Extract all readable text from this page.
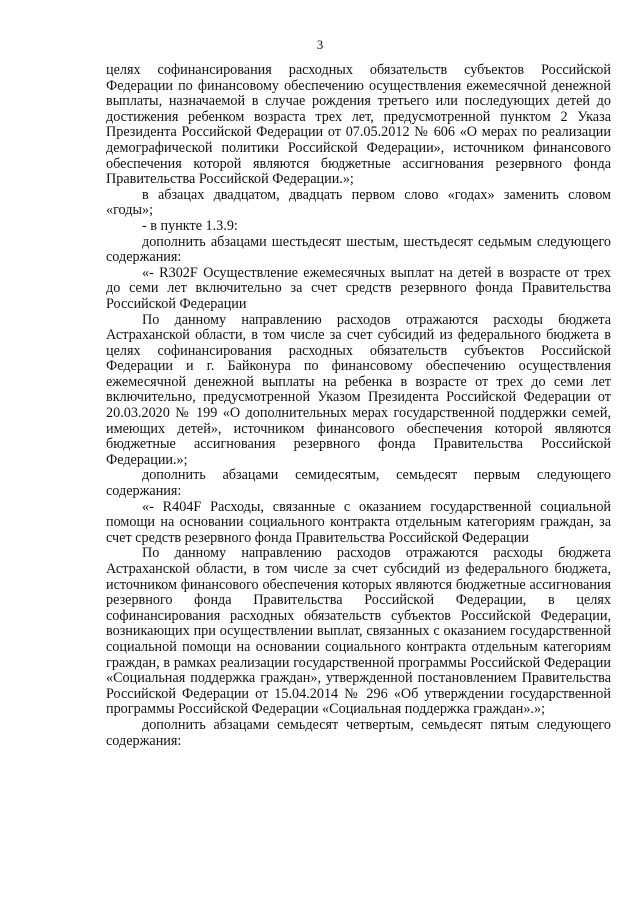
3

целях софинансирования расходных обязательств субъектов Российской Федерации по финансовому обеспечению осуществления ежемесячной денежной выплаты, назначаемой в случае рождения третьего или последующих детей до достижения ребенком возраста трех лет, предусмотренной пунктом 2 Указа Президента Российской Федерации от 07.05.2012 № 606 «О мерах по реализации демографической политики Российской Федерации», источником финансового обеспечения которой являются бюджетные ассигнования резервного фонда Правительства Российской Федерации.»;

в абзацах двадцатом, двадцать первом слово «годах» заменить словом «годы»;

- в пункте 1.3.9:

дополнить абзацами шестьдесят шестым, шестьдесят седьмым следующего содержания:

«- R302F Осуществление ежемесячных выплат на детей в возрасте от трех до семи лет включительно за счет средств резервного фонда Правительства Российской Федерации

По данному направлению расходов отражаются расходы бюджета Астраханской области, в том числе за счет субсидий из федерального бюджета в целях софинансирования расходных обязательств субъектов Российской Федерации и г. Байконура по финансовому обеспечению осуществления ежемесячной денежной выплаты на ребенка в возрасте от трех до семи лет включительно, предусмотренной Указом Президента Российской Федерации от 20.03.2020 № 199 «О дополнительных мерах государственной поддержки семей, имеющих детей», источником финансового обеспечения которой являются бюджетные ассигнования резервного фонда Правительства Российской Федерации.»;

дополнить абзацами семидесятым, семьдесят первым следующего содержания:

«- R404F Расходы, связанные с оказанием государственной социальной помощи на основании социального контракта отдельным категориям граждан, за счет средств резервного фонда Правительства Российской Федерации

По данному направлению расходов отражаются расходы бюджета Астраханской области, в том числе за счет субсидий из федерального бюджета, источником финансового обеспечения которых являются бюджетные ассигнования резервного фонда Правительства Российской Федерации, в целях софинансирования расходных обязательств субъектов Российской Федерации, возникающих при осуществлении выплат, связанных с оказанием государственной социальной помощи на основании социального контракта отдельным категориям граждан, в рамках реализации государственной программы Российской Федерации «Социальная поддержка граждан», утвержденной постановлением Правительства Российской Федерации от 15.04.2014 № 296 «Об утверждении государственной программы Российской Федерации «Социальная поддержка граждан».»;

дополнить абзацами семьдесят четвертым, семьдесят пятым следующего содержания:
